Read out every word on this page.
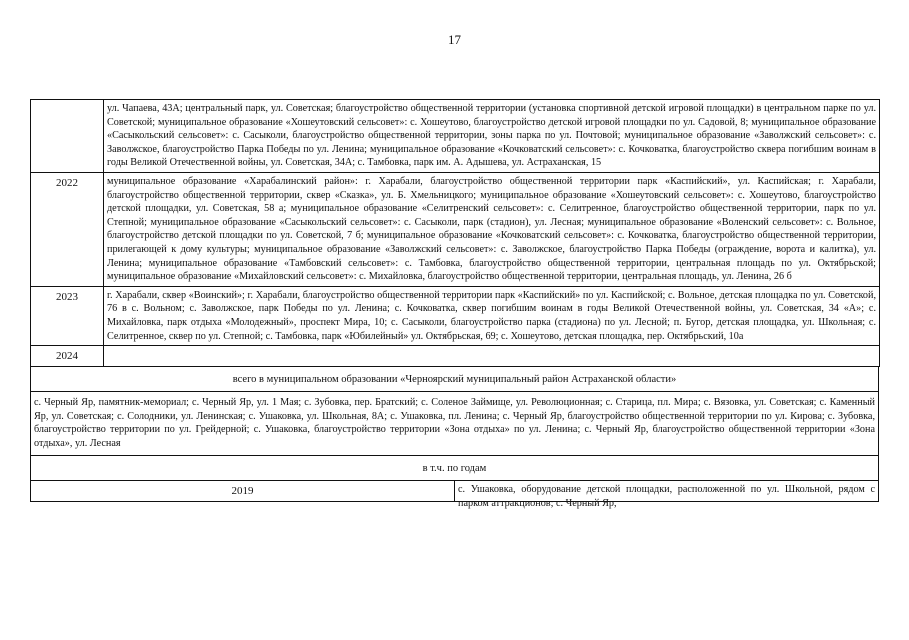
17
	ул. Чапаева, 43А; центральный парк, ул. Советская; благоустройство общественной территории (установка спортивной детской игровой площадки) в центральном парке по ул. Советской; муниципальное образование «Хошеутовский сельсовет»: с. Хошеутово, благоустройство детской игровой площадки по ул. Садовой, 8; муниципальное образование «Сасыкольский сельсовет»: с. Сасыколи, благоустройство общественной территории, зоны парка по ул. Почтовой; муниципальное образование «Заволжский сельсовет»: с. Заволжское, благоустройство Парка Победы по ул. Ленина; муниципальное образование «Кочковатский сельсовет»: с. Кочковатка, благоустройство сквера погибшим воинам в годы Великой Отечественной войны, ул. Советская, 34А; с. Тамбовка, парк им. А. Адышева, ул. Астраханская, 15
2022	муниципальное образование «Харабалинский район»: г. Харабали, благоустройство общественной территории парк «Каспийский», ул. Каспийская; г. Харабали, благоустройство общественной территории, сквер «Сказка», ул. Б. Хмельницкого; муниципальное образование «Хошеутовский сельсовет»: с. Хошеутово, благоустройство детской площадки, ул. Советская, 58 а; муниципальное образование «Селитренский сельсовет»: с. Селитренное, благоустройство общественной территории, парк по ул. Степной; муниципальное образование «Сасыкольский сельсовет»: с. Сасыколи, парк (стадион), ул. Лесная; муниципальное образование «Воленский сельсовет»: с. Вольное, благоустройство детской площадки по ул. Советской, 7 б; муниципальное образование «Кочковатский сельсовет»: с. Кочковатка, благоустройство общественной территории, прилегающей к дому культуры; муниципальное образование «Заволжский сельсовет»: с. Заволжское, благоустройство Парка Победы (ограждение, ворота и калитка), ул. Ленина; муниципальное образование «Тамбовский сельсовет»: с. Тамбовка, благоустройство общественной территории, центральная площадь по ул. Октябрьской; муниципальное образование «Михайловский сельсовет»: с. Михайловка, благоустройство общественной территории, центральная площадь, ул. Ленина, 26 б
2023	г. Харабали, сквер «Воинский»; г. Харабали, благоустройство общественной территории парк «Каспийский» по ул. Каспийской; с. Вольное, детская площадка по ул. Советской, 76 в с. Вольном; с. Заволжское, парк Победы по ул. Ленина; с. Кочковатка, сквер погибшим воинам в годы Великой Отечественной войны, ул. Советская, 34 «А»; с. Михайловка, парк отдыха «Молодежный», проспект Мира, 10; с. Сасыколи, благоустройство парка (стадиона) по ул. Лесной; п. Бугор, детская площадка, ул. Школьная; с. Селитренное, сквер по ул. Степной; с. Тамбовка, парк «Юбилейный» ул. Октябрьская, 69; с. Хошеутово, детская площадка, пер. Октябрьский, 10а
2024	
всего в муниципальном образовании «Черноярский муниципальный район Астраханской области»
с. Черный Яр, памятник-мемориал; с. Черный Яр, ул. 1 Мая; с. Зубовка, пер. Братский; с. Соленое Займище, ул. Революционная; с. Старица, пл. Мира; с. Вязовка, ул. Советская; с. Каменный Яр, ул. Советская; с. Солодники, ул. Ленинская; с. Ушаковка, ул. Школьная, 8А; с. Ушаковка, пл. Ленина; с. Черный Яр, благоустройство общественной территории по ул. Кирова; с. Зубовка, благоустройство территории по ул. Грейдерной; с. Ушаковка, благоустройство территории «Зона отдыха» по ул. Ленина; с. Черный Яр, благоустройство общественной территории «Зона отдыха», ул. Лесная
в т.ч. по годам
2019	с. Ушаковка, оборудование детской площадки, расположенной по ул. Школьной, рядом с парком аттракционов; с. Черный Яр,
